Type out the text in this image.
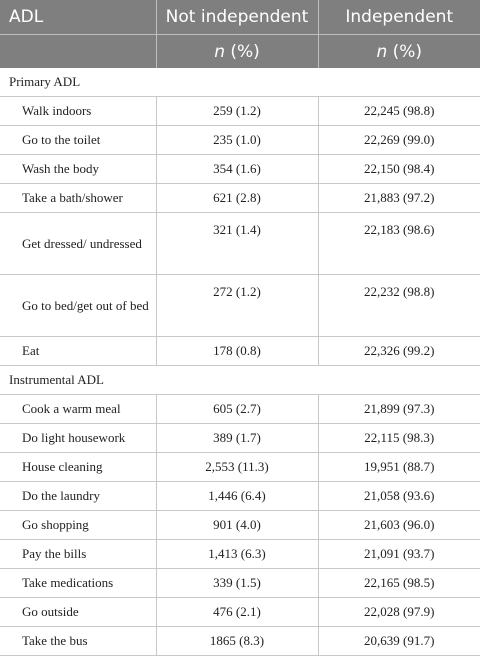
ADL	Not independent	Independent
	n (%)	n (%)
Primary ADL		
Walk indoors	259 (1.2)	22,245 (98.8)
Go to the toilet	235 (1.0)	22,269 (99.0)
Wash the body	354 (1.6)	22,150 (98.4)
Take a bath/shower	621 (2.8)	21,883 (97.2)
Get dressed/ undressed	321 (1.4)	22,183 (98.6)
Go to bed/get out of bed	272 (1.2)	22,232 (98.8)
Eat	178 (0.8)	22,326 (99.2)
Instrumental ADL		
Cook a warm meal	605 (2.7)	21,899 (97.3)
Do light housework	389 (1.7)	22,115 (98.3)
House cleaning	2,553 (11.3)	19,951 (88.7)
Do the laundry	1,446 (6.4)	21,058 (93.6)
Go shopping	901 (4.0)	21,603 (96.0)
Pay the bills	1,413 (6.3)	21,091 (93.7)
Take medications	339 (1.5)	22,165 (98.5)
Go outside	476 (2.1)	22,028 (97.9)
Take the bus	1865 (8.3)	20,639 (91.7)
